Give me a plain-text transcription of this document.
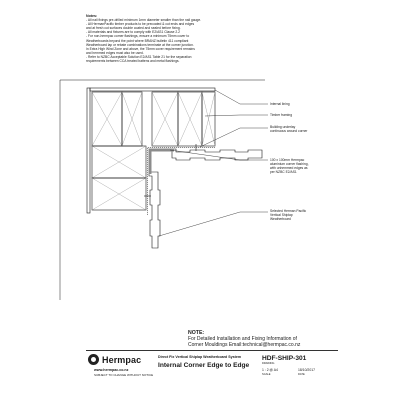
Notes:
- All nail fixings pre-drilled minimum 1mm diameter smaller than the nail gauge.
- All HermanPacific timber products to be precoated & cut ends and edges
and at fresh cut surfaces double coated and sealed before fixing.
- All materials and fixtures are to comply with E2/AS1 Clause 2.2
- For non-hermpac corner flashings, ensure a minimum 75mm cover to
Weatherboards beyond the point where BRANZ bulletin 411 compliant
Weatherboard lap or rebate combinations terminate at the corner junction.
In Extra High Wind Zone and above, the 75mm cover requirement remains
and hemmed edges must also be used.
- Refer to NZBC Acceptable Solution E2/AS1 Table 21 for the separation
requirements between CCA treated battens and metal flashings.
Internal lining
Timber framing
Building underlay
continuous around corner
100 x 100mm Hermpac
aluminium corner flashing,
with unhemmed edges as
per NZBC E2/AS1
Selected Herman Pacific
Vertical Shiplap
Weatherboard
NOTE:
For Detailed Installation and Fixing Information of
Corner Mouldings Email:technical@hermpac.co.nz
Hermpac
www.hermpac.co.nz
SUBJECT TO CHANGE WITHOUT NOTICE
Direct Fix Vertical Shiplap Weatherboard System
Internal Corner Edge to Edge
HDF-SHIP-301
DRAWING
1 : 2 @ A4
SCALE
18/10/2017
DATE
